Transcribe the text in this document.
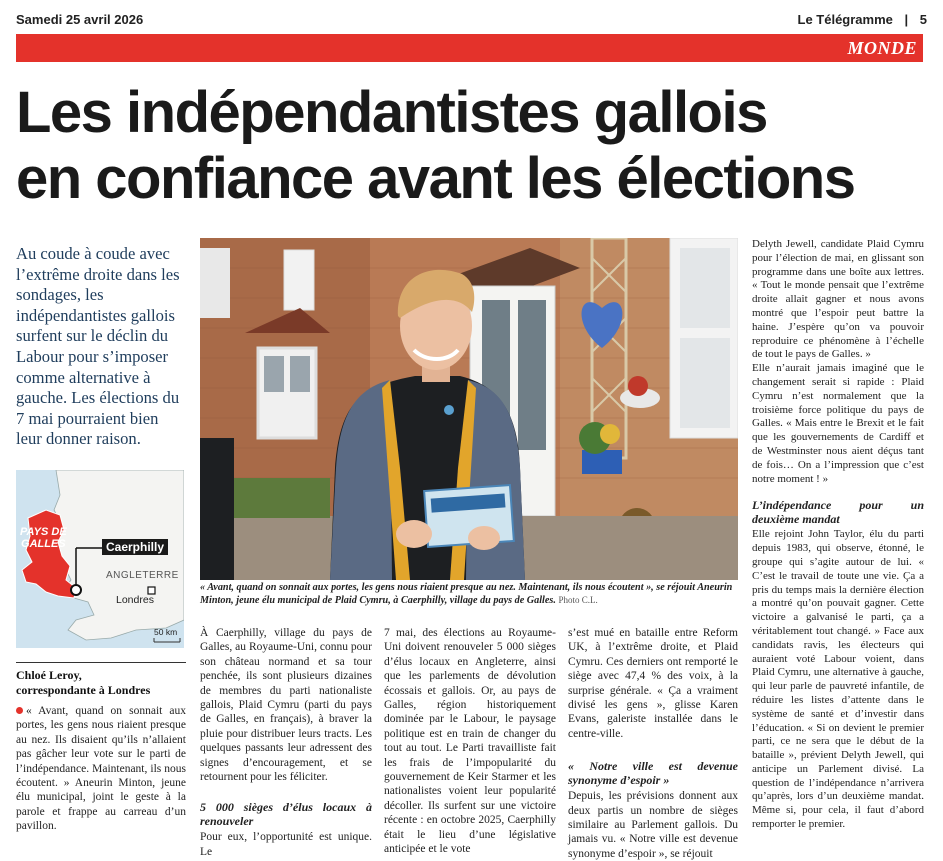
Samedi 25 avril 2026	Le Télégramme | 5
MONDE
Les indépendantistes gallois
en confiance avant les élections
Au coude à coude avec l’extrême droite dans les sondages, les indépendantistes gallois surfent sur le déclin du Labour pour s’imposer comme alternative à gauche. Les élections du 7 mai pourraient bien leur donner raison.
PAYS DE
GALLES	Caerphilly
ANGLETERRE
Londres
50 km
« Avant, quand on sonnait aux portes, les gens nous riaient presque au nez. Maintenant, ils nous écoutent », se réjouit Aneurin Minton, jeune élu municipal de Plaid Cymru, à Caerphilly, village du pays de Galles. Photo C.L.
Chloé Leroy,
correspondante à Londres

« Avant, quand on sonnait aux portes, les gens nous riaient presque au nez. Ils disaient qu’ils n’allaient pas gâcher leur vote sur le parti de l’indépendance. Maintenant, ils nous écoutent. » Aneurin Minton, jeune élu municipal, joint le geste à la parole et frappe au carreau d’un pavillon.

À Caerphilly, village du pays de Galles, au Royaume-Uni, connu pour son château normand et sa tour penchée, ils sont plusieurs dizaines de membres du parti nationaliste gallois, Plaid Cymru (parti du pays de Galles, en français), à braver la pluie pour distribuer leurs tracts. Les quelques passants leur adressent des signes d’encouragement, et se retournent pour les féliciter.

5 000 sièges d’élus locaux à renouveler

Pour eux, l’opportunité est unique. Le

7 mai, des élections au Royaume-Uni doivent renouveler 5 000 sièges d’élus locaux en Angleterre, ainsi que les parlements de dévolution écossais et gallois. Or, au pays de Galles, région historiquement dominée par le Labour, le paysage politique est en train de changer du tout au tout. Le Parti travailliste fait les frais de l’impopularité du gouvernement de Keir Starmer et les nationalistes voient leur popularité décoller. Ils surfent sur une victoire récente : en octobre 2025, Caerphilly était le lieu d’une législative anticipée et le vote

s’est mué en bataille entre Reform UK, à l’extrême droite, et Plaid Cymru. Ces derniers ont remporté le siège avec 47,4 % des voix, à la surprise générale. « Ça a vraiment divisé les gens », glisse Karen Evans, galeriste installée dans le centre-ville.

« Notre ville est devenue synonyme d’espoir »

Depuis, les prévisions donnent aux deux partis un nombre de sièges similaire au Parlement gallois. Du jamais vu. « Notre ville est devenue synonyme d’espoir », se réjouit

Delyth Jewell, candidate Plaid Cymru pour l’élection de mai, en glissant son programme dans une boîte aux lettres. « Tout le monde pensait que l’extrême droite allait gagner et nous avons montré que l’espoir peut battre la haine. J’espère qu’on va pouvoir reproduire ce phénomène à l’échelle de tout le pays de Galles. »

Elle n’aurait jamais imaginé que le changement serait si rapide : Plaid Cymru n’est normalement que la troisième force politique du pays de Galles. « Mais entre le Brexit et le fait que les gouvernements de Cardiff et de Westminster nous aient déçus tant de fois… On a l’impression que c’est notre moment ! »

L’indépendance pour un deuxième mandat

Elle rejoint John Taylor, élu du parti depuis 1983, qui observe, étonné, le groupe qui s’agite autour de lui. « C’est le travail de toute une vie. Ça a pris du temps mais la dernière élection a montré qu’on pouvait gagner. Cette victoire a galvanisé le parti, ça a véritablement tout changé. » Face aux candidats ravis, les électeurs qui auraient voté Labour voient, dans Plaid Cymru, une alternative à gauche, qui leur parle de pauvreté infantile, de réduire les listes d’attente dans le système de santé et d’investir dans l’éducation. « Si on devient le premier parti, ce ne sera que le début de la bataille », prévient Delyth Jewell, qui anticipe un Parlement divisé. La question de l’indépendance n’arrivera qu’après, lors d’un deuxième mandat. Même si, pour cela, il faut d’abord remporter le premier.
